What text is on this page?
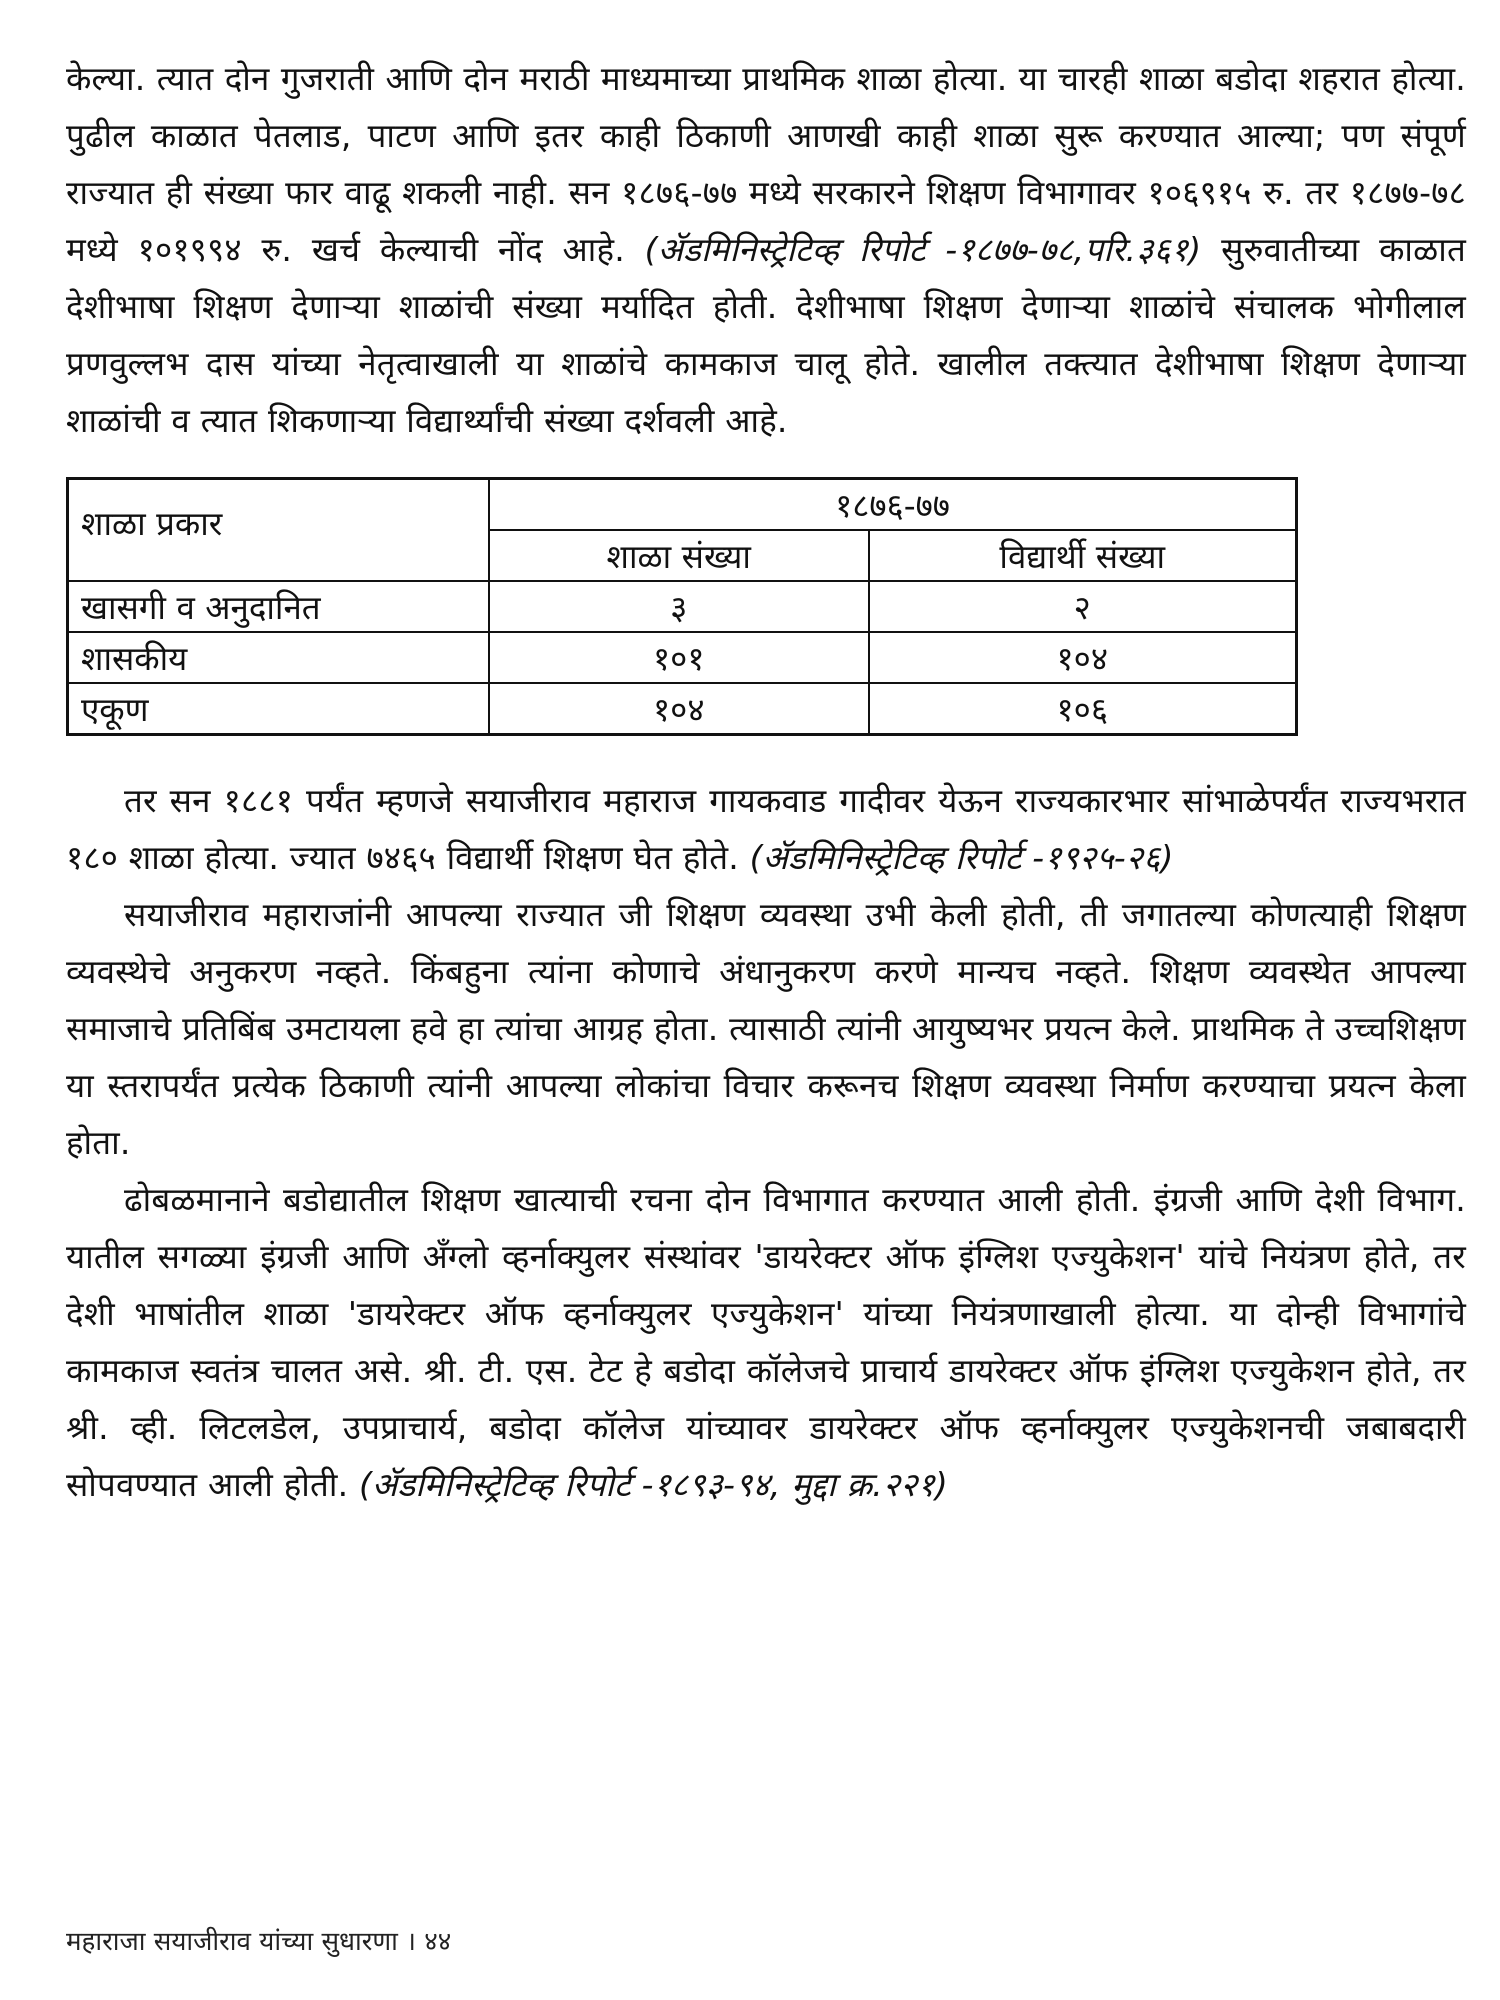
केल्या. त्यात दोन गुजराती आणि दोन मराठी माध्यमाच्या प्राथमिक शाळा होत्या. या चारही शाळा बडोदा शहरात होत्या. पुढील काळात पेतलाड, पाटण आणि इतर काही ठिकाणी आणखी काही शाळा सुरू करण्यात आल्या; पण संपूर्ण राज्यात ही संख्या फार वाढू शकली नाही. सन १८७६-७७ मध्ये सरकारने शिक्षण विभागावर १०६९१५ रु. तर १८७७-७८ मध्ये १०१९९४ रु. खर्च केल्याची नोंद आहे. (ॲडमिनिस्ट्रेटिव्ह रिपोर्ट -१८७७-७८,परि.३६१) सुरुवातीच्या काळात देशीभाषा शिक्षण देणाऱ्या शाळांची संख्या मर्यादित होती. देशीभाषा शिक्षण देणाऱ्या शाळांचे संचालक भोगीलाल प्रणवुल्लभ दास यांच्या नेतृत्वाखाली या शाळांचे कामकाज चालू होते. खालील तक्त्यात देशीभाषा शिक्षण देणाऱ्या शाळांची व त्यात शिकणाऱ्या विद्यार्थ्यांची संख्या दर्शवली आहे.

शाळा प्रकार	१८७६-७७	
	शाळा संख्या	विद्यार्थी संख्या
खासगी व अनुदानित	३	२
शासकीय	१०१	१०४
एकूण	१०४	१०६

तर सन १८८१ पर्यंत म्हणजे सयाजीराव महाराज गायकवाड गादीवर येऊन राज्यकारभार सांभाळेपर्यंत राज्यभरात १८० शाळा होत्या. ज्यात ७४६५ विद्यार्थी शिक्षण घेत होते. (ॲडमिनिस्ट्रेटिव्ह रिपोर्ट -१९२५-२६)

सयाजीराव महाराजांनी आपल्या राज्यात जी शिक्षण व्यवस्था उभी केली होती, ती जगातल्या कोणत्याही शिक्षण व्यवस्थेचे अनुकरण नव्हते. किंबहुना त्यांना कोणाचे अंधानुकरण करणे मान्यच नव्हते. शिक्षण व्यवस्थेत आपल्या समाजाचे प्रतिबिंब उमटायला हवे हा त्यांचा आग्रह होता. त्यासाठी त्यांनी आयुष्यभर प्रयत्न केले. प्राथमिक ते उच्चशिक्षण या स्तरापर्यंत प्रत्येक ठिकाणी त्यांनी आपल्या लोकांचा विचार करूनच शिक्षण व्यवस्था निर्माण करण्याचा प्रयत्न केला होता.

ढोबळमानाने बडोद्यातील शिक्षण खात्याची रचना दोन विभागात करण्यात आली होती. इंग्रजी आणि देशी विभाग. यातील सगळ्या इंग्रजी आणि ॲंग्लो व्हर्नाक्युलर संस्थांवर 'डायरेक्टर ऑफ इंग्लिश एज्युकेशन' यांचे नियंत्रण होते, तर देशी भाषांतील शाळा 'डायरेक्टर ऑफ व्हर्नाक्युलर एज्युकेशन' यांच्या नियंत्रणाखाली होत्या. या दोन्ही विभागांचे कामकाज स्वतंत्र चालत असे. श्री. टी. एस. टेट हे बडोदा कॉलेजचे प्राचार्य डायरेक्टर ऑफ इंग्लिश एज्युकेशन होते, तर श्री. व्ही. लिटलडेल, उपप्राचार्य, बडोदा कॉलेज यांच्यावर डायरेक्टर ऑफ व्हर्नाक्युलर एज्युकेशनची जबाबदारी सोपवण्यात आली होती. (ॲडमिनिस्ट्रेटिव्ह रिपोर्ट -१८९३-९४, मुद्दा क्र.२२१)

महाराजा सयाजीराव यांच्या सुधारणा । ४४
